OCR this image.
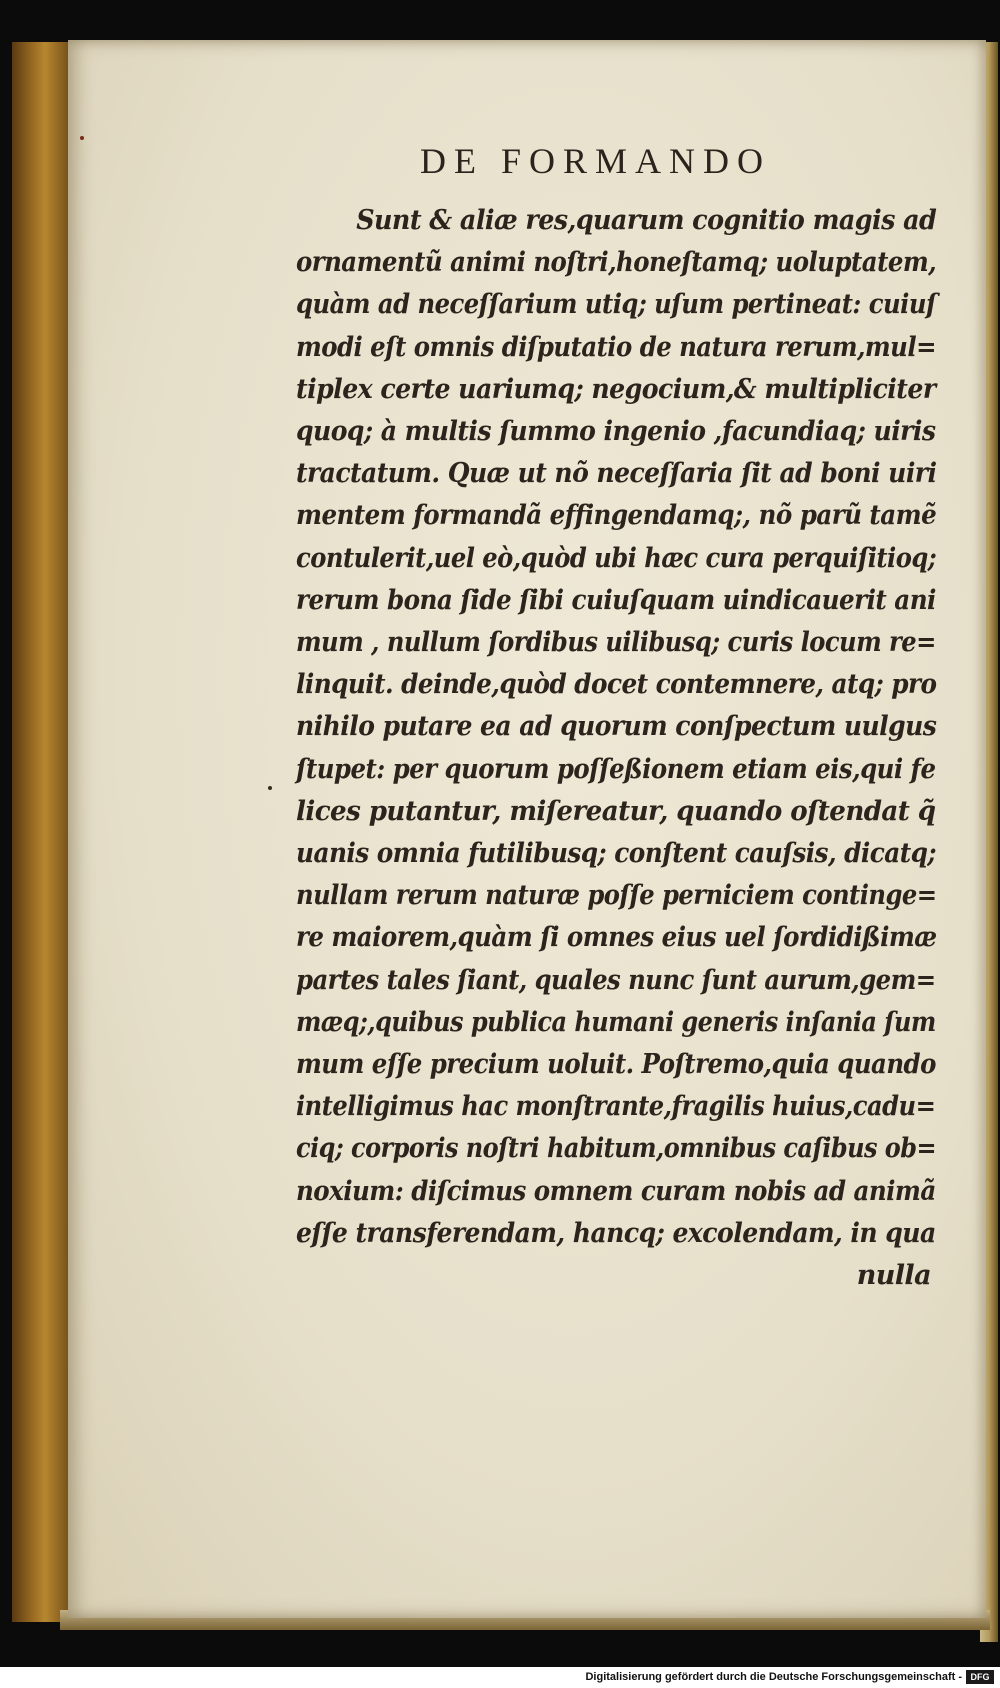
DE FORMANDO
Sunt & aliæ res,quarum cognitio magis ad
ornamentũ animi noſtri,honeſtamq; uoluptatem,
quàm ad neceſſarium utiq; uſum pertineat: cuiuſ
modi eſt omnis diſputatio de natura rerum,mul=
tiplex certe uariumq; negocium,& multipliciter
quoq; à multis ſummo ingenio ,facundiaq; uiris
tractatum. Quæ ut nõ neceſſaria ſit ad boni uiri
mentem formandã effingendamq;, nõ parũ tamẽ
contulerit,uel eò,quòd ubi hæc cura perquiſitioq;
rerum bona ſide ſibi cuiuſquam uindicauerit ani
mum , nullum ſordibus uilibusq; curis locum re=
linquit. deinde,quòd docet contemnere, atq; pro
nihilo putare ea ad quorum conſpectum uulgus
ſtupet: per quorum poſſeßionem etiam eis,qui fe
lices putantur, miſereatur, quando oſtendat q̃
uanis omnia futilibusq; conſtent cauſsis, dicatq;
nullam rerum naturæ poſſe perniciem continge=
re maiorem,quàm ſi omnes eius uel ſordidißimæ
partes tales ſiant, quales nunc ſunt aurum,gem=
mæq;,quibus publica humani generis inſania ſum
mum eſſe precium uoluit. Poſtremo,quia quando
intelligimus hac monſtrante,fragilis huius,cadu=
ciq; corporis noſtri habitum,omnibus caſibus ob=
noxium: diſcimus omnem curam nobis ad animã
eſſe transferendam, hancq; excolendam, in qua
nulla
Digitalisierung gefördert durch die Deutsche Forschungsgemeinschaft - DFG
